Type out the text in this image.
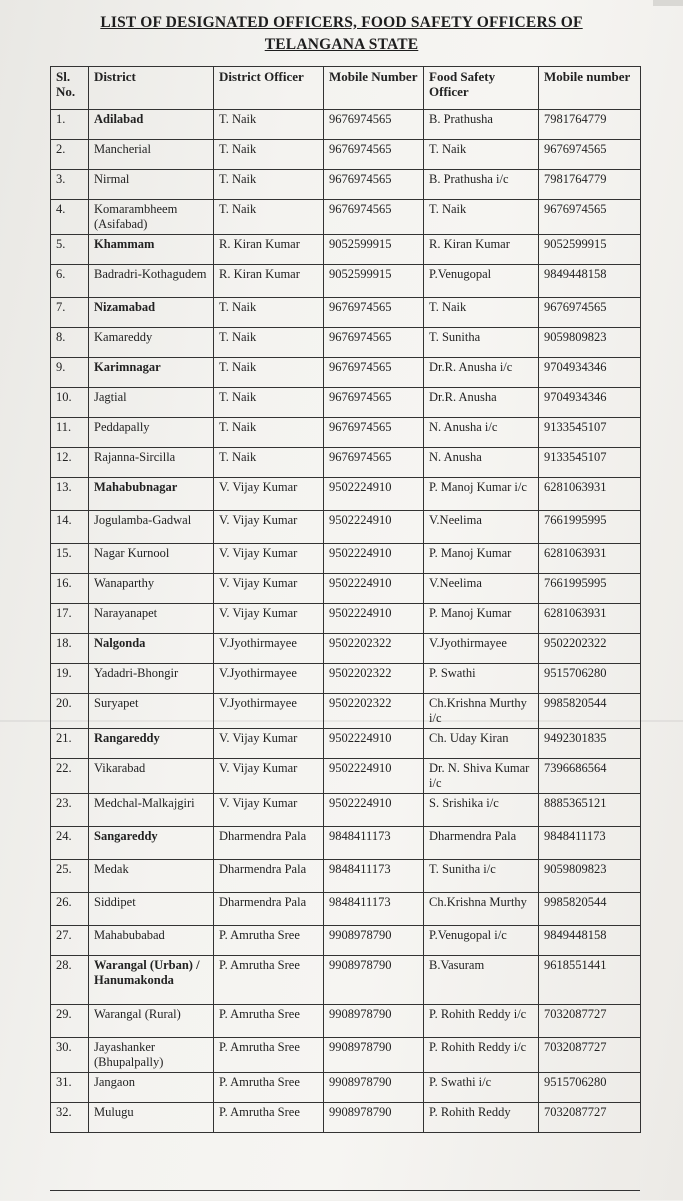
LIST OF DESIGNATED OFFICERS, FOOD SAFETY OFFICERS OF
TELANGANA STATE
Sl. No.	District	District Officer	Mobile Number	Food Safety Officer	Mobile number
1.	Adilabad	T. Naik	9676974565	B. Prathusha	7981764779
2.	Mancherial	T. Naik	9676974565	T. Naik	9676974565
3.	Nirmal	T. Naik	9676974565	B. Prathusha i/c	7981764779
4.	Komarambheem (Asifabad)	T. Naik	9676974565	T. Naik	9676974565
5.	Khammam	R. Kiran Kumar	9052599915	R. Kiran Kumar	9052599915
6.	Badradri-Kothagudem	R. Kiran Kumar	9052599915	P.Venugopal	9849448158
7.	Nizamabad	T. Naik	9676974565	T. Naik	9676974565
8.	Kamareddy	T. Naik	9676974565	T. Sunitha	9059809823
9.	Karimnagar	T. Naik	9676974565	Dr.R. Anusha i/c	9704934346
10.	Jagtial	T. Naik	9676974565	Dr.R. Anusha	9704934346
11.	Peddapally	T. Naik	9676974565	N. Anusha i/c	9133545107
12.	Rajanna-Sircilla	T. Naik	9676974565	N. Anusha	9133545107
13.	Mahabubnagar	V. Vijay Kumar	9502224910	P. Manoj Kumar i/c	6281063931
14.	Jogulamba-Gadwal	V. Vijay Kumar	9502224910	V.Neelima	7661995995
15.	Nagar Kurnool	V. Vijay Kumar	9502224910	P. Manoj Kumar	6281063931
16.	Wanaparthy	V. Vijay Kumar	9502224910	V.Neelima	7661995995
17.	Narayanapet	V. Vijay Kumar	9502224910	P. Manoj Kumar	6281063931
18.	Nalgonda	V.Jyothirmayee	9502202322	V.Jyothirmayee	9502202322
19.	Yadadri-Bhongir	V.Jyothirmayee	9502202322	P. Swathi	9515706280
20.	Suryapet	V.Jyothirmayee	9502202322	Ch.Krishna Murthy i/c	9985820544
21.	Rangareddy	V. Vijay Kumar	9502224910	Ch. Uday Kiran	9492301835
22.	Vikarabad	V. Vijay Kumar	9502224910	Dr. N. Shiva Kumar i/c	7396686564
23.	Medchal-Malkajgiri	V. Vijay Kumar	9502224910	S. Srishika i/c	8885365121
24.	Sangareddy	Dharmendra Pala	9848411173	Dharmendra Pala	9848411173
25.	Medak	Dharmendra Pala	9848411173	T. Sunitha i/c	9059809823
26.	Siddipet	Dharmendra Pala	9848411173	Ch.Krishna Murthy	9985820544
27.	Mahabubabad	P. Amrutha Sree	9908978790	P.Venugopal i/c	9849448158
28.	Warangal (Urban) / Hanumakonda	P. Amrutha Sree	9908978790	B.Vasuram	9618551441
29.	Warangal (Rural)	P. Amrutha Sree	9908978790	P. Rohith Reddy i/c	7032087727
30.	Jayashanker (Bhupalpally)	P. Amrutha Sree	9908978790	P. Rohith Reddy i/c	7032087727
31.	Jangaon	P. Amrutha Sree	9908978790	P. Swathi i/c	9515706280
32.	Mulugu	P. Amrutha Sree	9908978790	P. Rohith Reddy	7032087727
